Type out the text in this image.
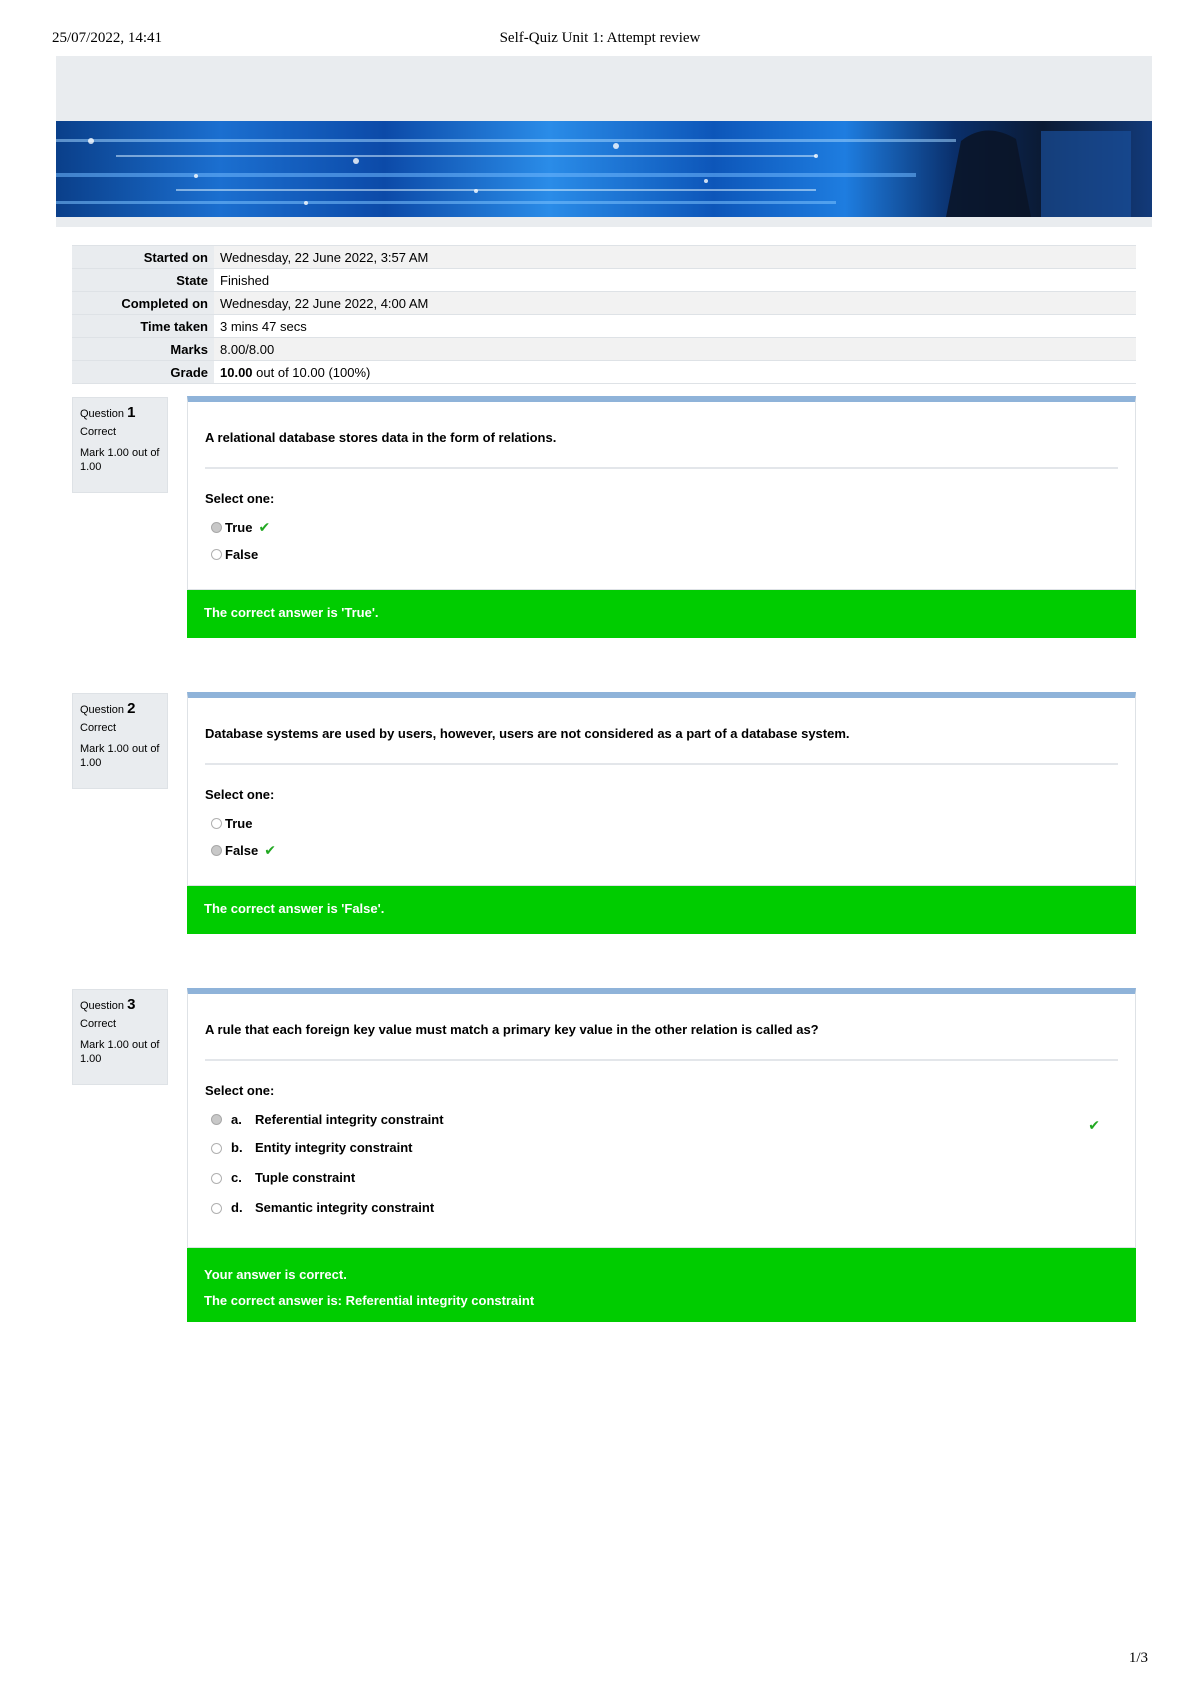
25/07/2022, 14:41	Self-Quiz Unit 1: Attempt review
Started on	Wednesday, 22 June 2022, 3:57 AM
State	Finished
Completed on	Wednesday, 22 June 2022, 4:00 AM
Time taken	3 mins 47 secs
Marks	8.00/8.00
Grade	10.00 out of 10.00 (100%)
Question 1
Correct
Mark 1.00 out of 1.00
A relational database stores data in the form of relations.
Select one:
True ✔
False
The correct answer is 'True'.
Question 2
Correct
Mark 1.00 out of 1.00
Database systems are used by users, however, users are not considered as a part of a database system.
Select one:
True
False ✔
The correct answer is 'False'.
Question 3
Correct
Mark 1.00 out of 1.00
A rule that each foreign key value must match a primary key value in the other relation is called as?
Select one:
a. Referential integrity constraint	✔
b. Entity integrity constraint
c. Tuple constraint
d. Semantic integrity constraint
Your answer is correct.
The correct answer is: Referential integrity constraint
1/3
